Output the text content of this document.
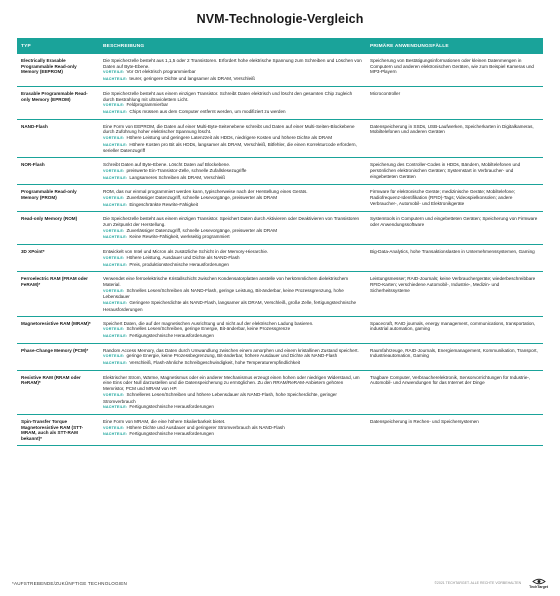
NVM-Technologie-Vergleich
TYP	BESCHREIBUNG	PRIMÄRE ANWENDUNGSFÄLLE
Electrically Erasable Programmable Read-only Memory (EEPROM)	Die Speicherzelle besteht aus 1,1,5 oder 2 Transistoren. Erfordert hohe elektrische Spannung zum Schreiben und Löschen von Daten auf Byte-Ebene.
VORTEILE: Vor Ort elektrisch programmierbar
NACHTEILE: teurer, geringere Dichte und langsamer als DRAM, Verschleiß	Speicherung von Bestätigungsinformationen oder kleinen Datenmengen in Computern und anderen elektronischen Geräten, wie zum Beispiel Kameras und MP3-Playern
Erasable Programmable Read-only Memory (EPROM)	Die Speicherzelle besteht aus einem einzigen Transistor. Schreibt Daten elektrisch und löscht den gesamten Chip zugleich durch Bestrahlung mit ultraviolettem Licht.
VORTEILE: Feldprogrammierbar
NACHTEILE: Chips müssen aus dem Computer entfernt werden, um modifiziert zu werden	Microcontroller
NAND-Flash	Eine Form von EEPROM, die Daten auf einer Multi-Byte-Seitenebene schreibt und Daten auf einer Multi-Seiten-Blockebene durch Zuführung hoher elektrischer Spannung löscht.
VORTEILE: Höhere Leistung und geringere Latenzzeit als HDDs, niedrigere Kosten und höhere Dichte als DRAM
NACHTEILE: Höhere Kosten pro Bit als HDDs, langsamer als DRAM, Verschleiß, Bitfehler, die einen Korrekturcode erfordern, serieller Datenzugriff	Datenspeicherung in SSDs, USB-Laufwerken, Speicherkarten in Digitalkameras, Mobiltelefonen und anderen Geräten
NOR-Flash	Schreibt Daten auf Byte-Ebene. Löscht Daten auf Blockebene.
VORTEILE: preiswerte Ein-Transistor-Zelle, schnelle Zufallslesezugriffe
NACHTEILE: Langsameres Schreiben als DRAM, Verschleiß	Speicherung des Controller-Codes in HDDs, Bändern, Mobiltelefonen und persönlichen elektronischen Geräten; Systemstart in Verbraucher- und eingebetteten Geräten
Programmable Read-only Memory (PROM)	ROM, das nur einmal programmiert werden kann, typischerweise nach der Herstellung eines Geräts.
VORTEILE: Zuverlässiger Datenzugriff, schnelle Lesevorgänge, preiswerter als DRAM
NACHTEILE: Eingeschränkte Rewrite-Fähigkeit	Firmware für elektronische Geräte; medizinische Geräte; Mobiltelefone; Radiofrequenz-Identifikation (RFID)-Tags; Videospielkonsolen; andere Verbraucher-, Automobil- und Elektronikgeräte
Read-only Memory (ROM)	Die Speicherzelle besteht aus einem einzigen Transistor. Speichert Daten durch Aktivieren oder Deaktivieren von Transistoren zum Zeitpunkt der Herstellung.
VORTEILE: Zuverlässiger Datenzugriff, schnelle Lesevorgänge, preiswerter als DRAM
NACHTEILE: Keine Rewrite-Fähigkeit, werkseitig programmiert	Systemtools in Computern und eingebetteten Geräten; Speicherung von Firmware oder Anwendungssoftware
3D XPoint*	Entwickelt von Intel und Micron als zusätzliche Schicht in der Memory-Hierarchie.
VORTEILE: Höhere Leistung, Ausdauer und Dichte als NAND-Flash
NACHTEILE: Preis, produktionstechnische Herausforderungen	Big-Data-Analytics, hohe Transaktionslasten in Unternehmenssystemen, Gaming
Ferroelectric RAM (FRAM oder FeRAM)*	Verwendet eine ferroelektrische Kristallschicht zwischen Kondensatorplatten anstelle von herkömmlichem dielektrischem Material.
VORTEILE: Schnelles Lesen/Schreiben als NAND-Flash, geringe Leistung, Bit-änderbar, keine Prozessgrenzung, hohe Lebensdauer
NACHTEILE: Geringere Speicherdichte als NAND-Flash, langsamer als DRAM, Verschleiß, große Zelle, fertigungstechnische Herausforderungen	Leistungsmesser; RAID-Journals; keine Verbrauchergeräte; wiederbeschreibbare RFID-Karten; verschiedene Automobil-, Industrie-, Medizin- und Sicherheitssysteme
Magnetoresistive RAM (MRAM)*	Speichert Daten, die auf der magnetischen Ausrichtung und nicht auf der elektrischen Ladung basieren.
VORTEILE: Schnelles Lesen/Schreiben, geringe Energie, Bit-änderbar, keine Prozessgrenze
NACHTEILE: Fertigungstechnische Herausforderungen	Spacecraft, RAID journals, energy management, communications, transportation, industrial automation, gaming
Phase-Change Memory (PCM)*	Random Access Memory, das Daten durch Umwandlung zwischen einem amorphen und einem kristallinen Zustand speichert.
VORTEILE: geringe Energie, keine Prozessbegrenzung, Bit-änderbar, höhere Ausdauer und Dichte als NAND-Flash
NACHTEILE: Verschleiß, Flash-ähnliche Schreibgeschwindigkeit, hohe Temperaturempfindlichkeit	Raumfahrzeuge, RAID-Journals, Energiemanagement, Kommunikation, Transport, Industrieautomation, Gaming
Resistive RAM (RRAM oder ReRAM)*	Elektrischer Strom, Wärme, Magnetismus oder ein anderer Mechanismus erzeugt einen hohen oder niedrigen Widerstand, um eine Eins oder Null darzustellen und die Datenspeicherung zu ermöglichen. Zu den RRAM/ReRAM-Anbietern gehören Memristor, PCM und MRAM von HP.
VORTEILE: Schnelleres Lesen/Schreiben und höhere Lebensdauer als NAND-Flash, hohe Speicherdichte, geringer Stromverbrauch
NACHTEILE: Fertigungstechnische Herausforderungen	Tragbare Computer, Verbraucherelektronik, Sensorvorrichtungen für Industrie-, Automobil- und Anwendungen für das Internet der Dinge
Spin-Transfer Torque Magnetoresistive RAM (STT-MRAM, auch als STT-RAM bekannt)*	Eine Form von MRAM, die eine höhere Skalierbarkeit bietet.
VORTEILE: Höhere Dichte und Ausdauer und geringerer Stromverbrauch als NAND-Flash
NACHTEILE: Fertigungstechnische Herausforderungen	Datenspeicherung in Rechen- und Speichersystemen
*AUFSTREBENDE/ZUKÜNFTIGE TECHNOLOGIEN	©2021 TECHTARGET. ALLE RECHTE VORBEHALTEN
TechTarget
